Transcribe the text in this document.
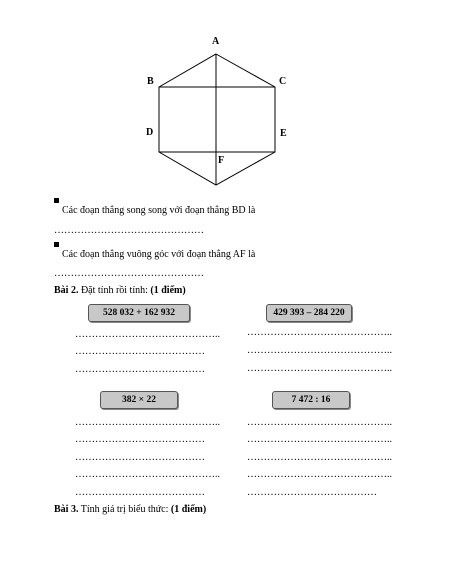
A
B	C
D	E
F
Các đoạn thẳng song song với đoạn thẳng BD là
………………………………………
Các đoạn thẳng vuông góc với đoạn thẳng AF là
………………………………………
Bài 2. Đặt tính rồi tính: (1 điểm)
528 032 + 162 932	429 393 – 284 220
382 × 22	7 472 : 16
……………………………………..
…………………………………
…………………………………
……………………………………..
……………………………………..
……………………………………..
……………………………………..
…………………………………
…………………………………
……………………………………..
…………………………………
……………………………………..
……………………………………..
……………………………………..
……………………………………..
…………………………………
Bài 3. Tính giá trị biểu thức: (1 điểm)
